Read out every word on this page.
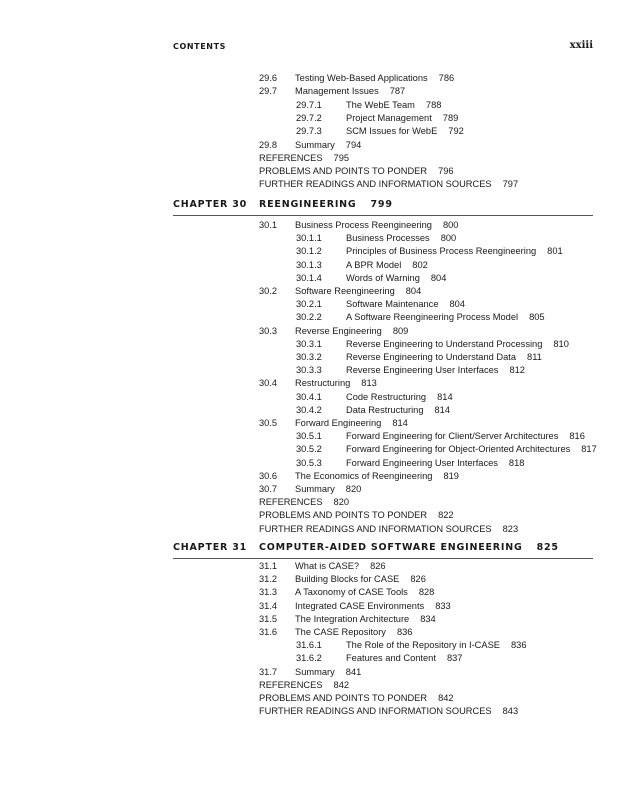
CONTENTS	xxiii
29.6 Testing Web-Based Applications 786
29.7 Management Issues 787
29.7.1	The WebE Team 788
29.7.2	Project Management 789
29.7.3	SCM Issues for WebE 792
29.8 Summary 794
REFERENCES 795
PROBLEMS AND POINTS TO PONDER 796
FURTHER READINGS AND INFORMATION SOURCES 797
CHAPTER 30 REENGINEERING 799
30.1 Business Process Reengineering 800
30.1.1	Business Processes 800
30.1.2	Principles of Business Process Reengineering 801
30.1.3	A BPR Model 802
30.1.4	Words of Warning 804
30.2 Software Reengineering 804
30.2.1	Software Maintenance 804
30.2.2	A Software Reengineering Process Model 805
30.3 Reverse Engineering 809
30.3.1	Reverse Engineering to Understand Processing 810
30.3.2	Reverse Engineering to Understand Data 811
30.3.3	Reverse Engineering User Interfaces 812
30.4 Restructuring 813
30.4.1	Code Restructuring 814
30.4.2	Data Restructuring 814
30.5 Forward Engineering 814
30.5.1	Forward Engineering for Client/Server Architectures 816
30.5.2	Forward Engineering for Object-Oriented Architectures 817
30.5.3	Forward Engineering User Interfaces 818
30.6 The Economics of Reengineering 819
30.7 Summary 820
REFERENCES 820
PROBLEMS AND POINTS TO PONDER 822
FURTHER READINGS AND INFORMATION SOURCES 823
CHAPTER 31 COMPUTER-AIDED SOFTWARE ENGINEERING 825
31.1 What is CASE? 826
31.2 Building Blocks for CASE 826
31.3 A Taxonomy of CASE Tools 828
31.4 Integrated CASE Environments 833
31.5 The Integration Architecture 834
31.6 The CASE Repository 836
31.6.1	The Role of the Repository in I-CASE 836
31.6.2	Features and Content 837
31.7 Summary 841
REFERENCES 842
PROBLEMS AND POINTS TO PONDER 842
FURTHER READINGS AND INFORMATION SOURCES 843
